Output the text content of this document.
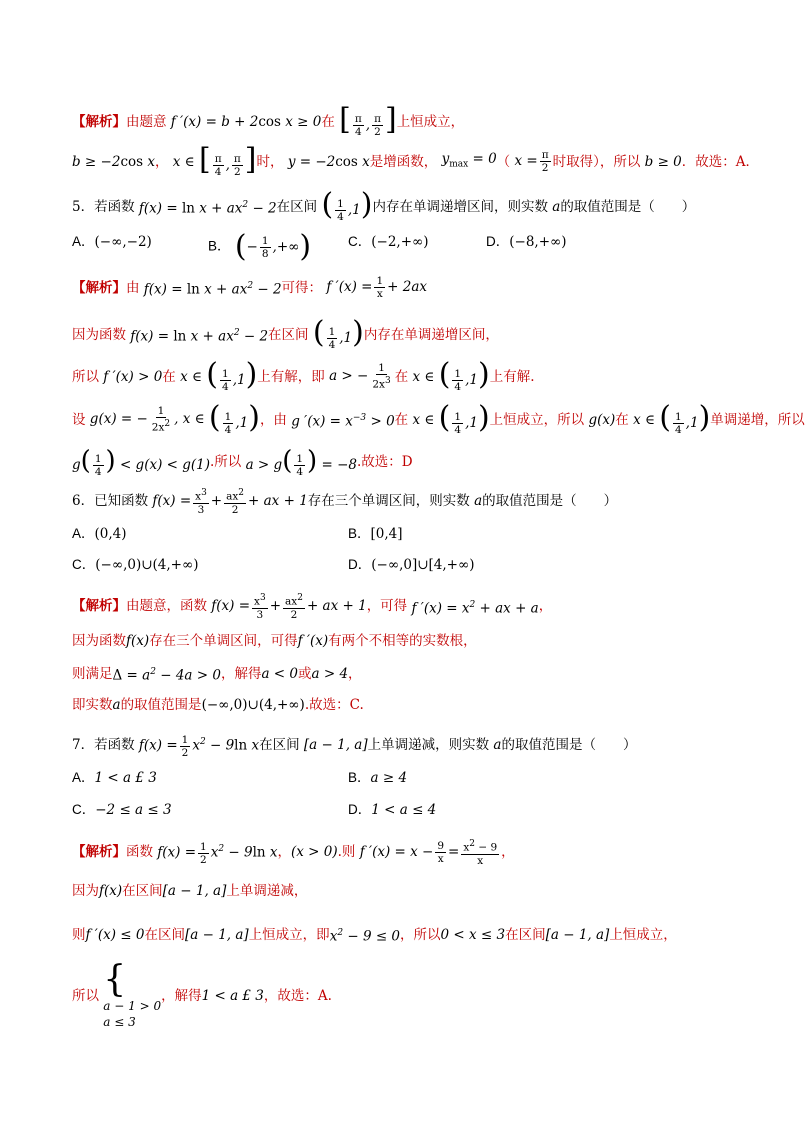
【解析】由题意 f ′(x) = b + 2cos x ≥ 0在 [ $\frac{\pi}{4}$ , $\frac{\pi}{2}$ ]上恒成立，
b ≥ −2cos x， x ∈ [ $\frac{\pi}{4}$ , $\frac{\pi}{2}$ ]时， y = −2cos x是增函数， $y_{max} = 0$（ $x = \frac{\pi}{2}$ 时取得），所以 b ≥ 0．故选：A．
5．若函数 $f(x) = \ln x + ax^2 - 2$在区间 ( $\frac{1}{4} ,1$)内存在单调递增区间，则实数 a的取值范围是（　　）
A．(−∞,−2)	B． ( − $\frac{1}{8}$ ,+∞ )	C．(−2,+∞)	D．(−8,+∞)
【解析】由 $f(x) = \ln x + ax^2 - 2$可得： f $'(x) = \frac{1}{x} + 2ax$
因为函数 $f(x) = \ln x + ax^2 - 2$在区间 ( $\frac{1}{4} ,1$)内存在单调递增区间，
所以 f ′(x) > 0在 x ∈ ( $\frac{1}{4} ,1$)上有解，即 a > − $\frac{1}{2x3}$ 在 x ∈ ( $\frac{1}{4} ,1$)上有解.
设 g(x) = − $\frac{1}{2x2}$ , x ∈ ( $\frac{1}{4} ,1$)，由 g $'(x) = x^{-3} > 0$在 x ∈ ( $\frac{1}{4} ,1$)上恒成立，所以 g(x)在 x ∈ ( $\frac{1}{4} ,1$)单调递增，所以
$g( \frac{1}{4}$ ) < g(x) < g(1).所以 $a > g( \frac{1}{4}$ ) = −8.故选：D
6．已知函数 $f(x) = \frac{x3}{3} + \frac{ax2}{2}$ + ax + 1存在三个单调区间，则实数 a的取值范围是（　　）
A．(0,4)	B．[0,4]
C．(−∞,0)∪(4,+∞)	D．(−∞,0]∪[4,+∞)
【解析】由题意，函数 $f(x) = \frac{x3}{3} + \frac{ax2}{2}$ + ax + 1，可得 f $'(x) = x^2$ + ax + a，
因为函数f(x)存在三个单调区间，可得f ′(x)有两个不相等的实数根，
则满足$\Delta = a^2 - 4a > 0$，解得a < 0或a > 4，
即实数a的取值范围是(−∞,0)∪(4,+∞).故选：C.
7．若函数 $f(x) = \frac{1}{2} x^2 - 9\ln$ x在区间 [a − 1, a]上单调递减，则实数 a的取值范围是（　　）
A．1 < a £ 3	B．a ≥ 4
C．−2 ≤ a ≤ 3	D．1 < a ≤ 4
【解析】函数 $f(x) = \frac{1}{2} x^2 - 9\ln$ x，(x > 0).则 f $'(x) = x - \frac{9}{x} = \frac{x2 - 9}{x}$ ，
因为f(x)在区间[a − 1, a]上单调递减，
则f ′(x) ≤ 0在区间[a − 1, a]上恒成立，即$x^2 - 9 \le 0$，所以0 < x ≤ 3在区间[a − 1, a]上恒成立，
所以 {
a − 1 > 0
a ≤ 3
，解得1 < a £ 3，故选：A.
